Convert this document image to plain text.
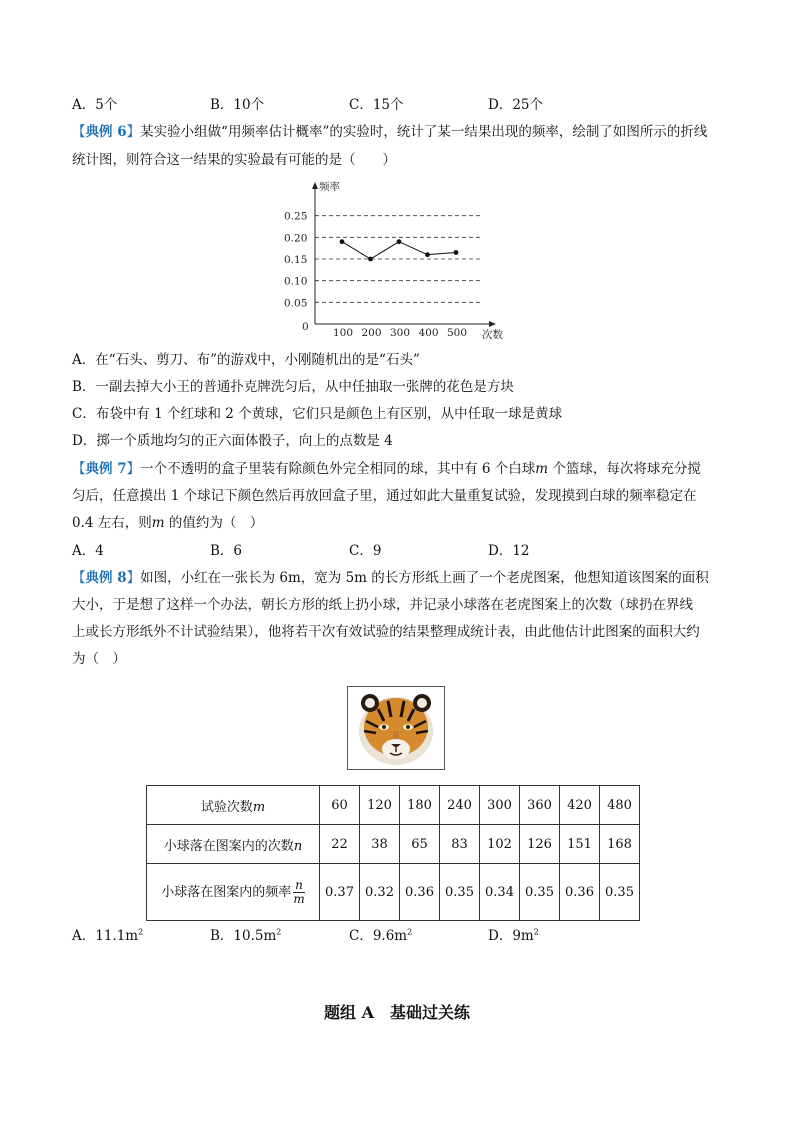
A．5个	B．10个	C．15个	D．25个
【典例 6】某实验小组做“用频率估计概率”的实验时，统计了某一结果出现的频率，绘制了如图所示的折线
统计图，则符合这一结果的实验最有可能的是（　　）
频率
次数
0
0.25
0.20
0.15
0.10
0.05
100 200 300 400 500
A．在“石头、剪刀、布”的游戏中，小刚随机出的是“石头”
B．一副去掉大小王的普通扑克牌洗匀后，从中任抽取一张牌的花色是方块
C．布袋中有 1 个红球和 2 个黄球，它们只是颜色上有区别，从中任取一球是黄球
D．掷一个质地均匀的正六面体骰子，向上的点数是 4
【典例 7】一个不透明的盒子里装有除颜色外完全相同的球，其中有 6 个白球m 个篮球，每次将球充分搅
匀后，任意摸出 1 个球记下颜色然后再放回盒子里，通过如此大量重复试验，发现摸到白球的频率稳定在
0.4 左右，则m 的值约为（　）
A．4	B．6	C．9	D．12
【典例 8】如图，小红在一张长为 6m，宽为 5m 的长方形纸上画了一个老虎图案，他想知道该图案的面积
大小，于是想了这样一个办法，朝长方形的纸上扔小球，并记录小球落在老虎图案上的次数（球扔在界线
上或长方形纸外不计试验结果），他将若干次有效试验的结果整理成统计表，由此他估计此图案的面积大约
为（　）
试验次数m	60	120	180	240	300	360	420	480
小球落在图案内的次数n	22	38	65	83	102	126	151	168
小球落在图案内的频率 $\frac{n}{m}$	0.37	0.32	0.36	0.35	0.34	0.35	0.36	0.35
A．$11.1m^2$	B．$10.5m^2$	C．$9.6m^2$	D．$9m^2$
题组 A　基础过关练
